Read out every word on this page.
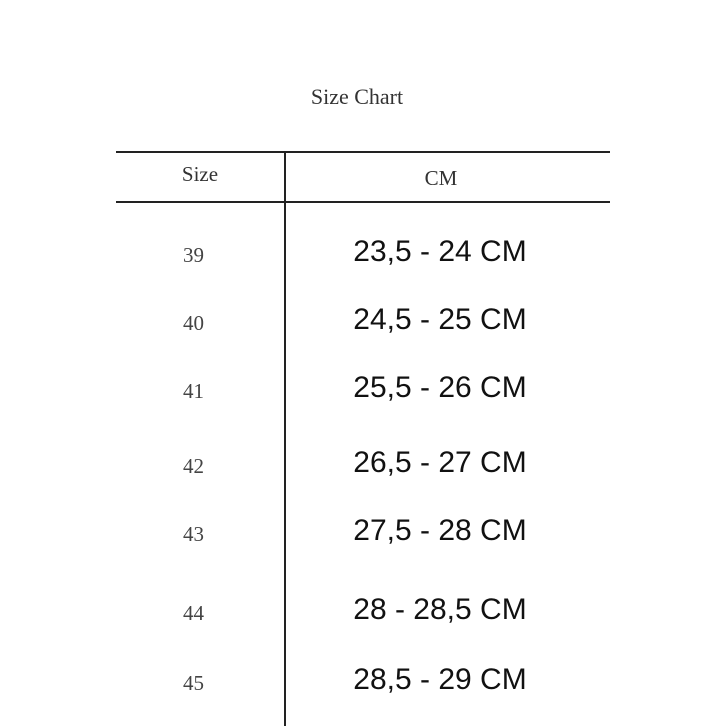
Size Chart
Size	CM
39	23,5 - 24 CM
40	24,5 - 25 CM
41	25,5 - 26 CM
42	26,5 - 27 CM
43	27,5 - 28 CM
44	28 - 28,5 CM
45	28,5 - 29 CM
